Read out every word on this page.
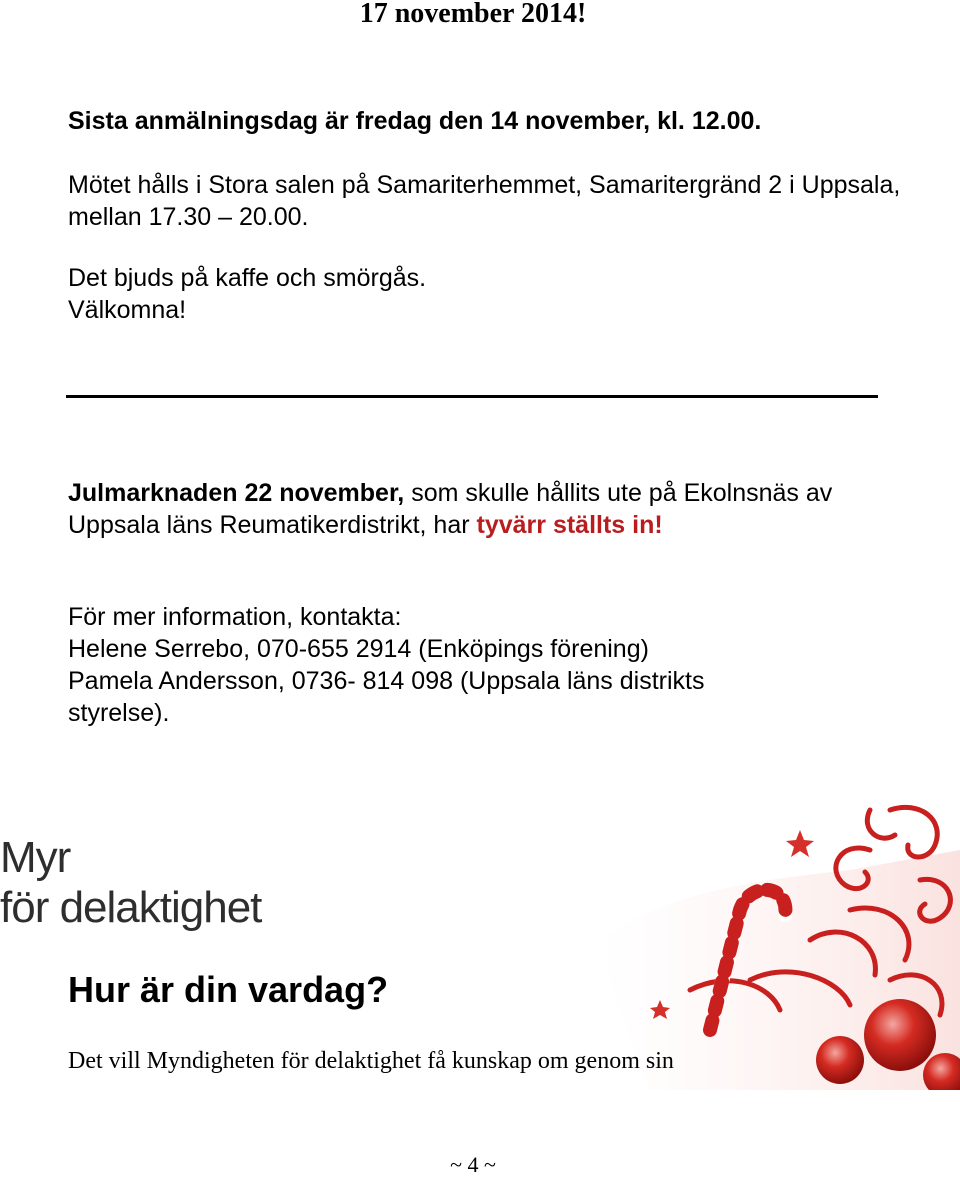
17 november 2014!
Sista anmälningsdag är fredag den 14 november, kl. 12.00.
Mötet hålls i Stora salen på Samariterhemmet, Samaritergränd 2 i Uppsala, mellan 17.30 – 20.00.
Det bjuds på kaffe och smörgås.
Välkomna!
Julmarknaden 22 november, som skulle hållits ute på Ekolnsnäs av Uppsala läns Reumatikerdistrikt, har tyvärr ställts in!
För mer information, kontakta:
Helene Serrebo, 070-655 2914 (Enköpings förening)
Pamela Andersson, 0736- 814 098 (Uppsala läns distrikts
styrelse).
Myr
för delaktighet
Hur är din vardag?
Det vill Myndigheten för delaktighet få kunskap om genom sin
~ 4 ~
